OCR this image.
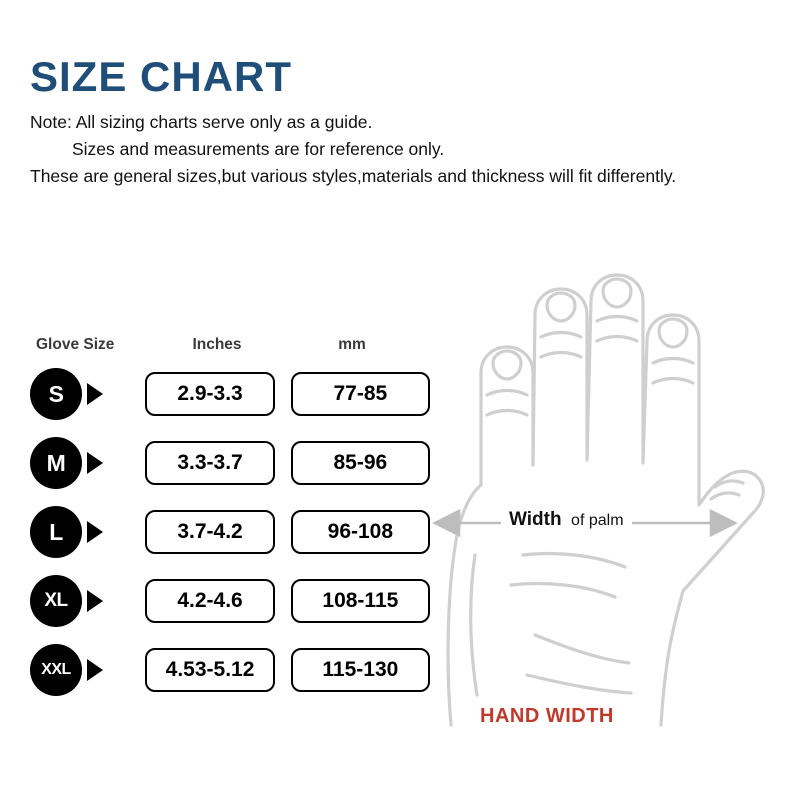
SIZE CHART
Note: All sizing charts serve only as a guide.
Sizes and measurements are for reference only.
These are general sizes,but various styles,materials and thickness will fit differently.
Glove Size	Inches	mm
S	2.9-3.3	77-85
M	3.3-3.7	85-96
L	3.7-4.2	96-108
XL	4.2-4.6	108-115
XXL	4.53-5.12	115-130
Width of palm
HAND WIDTH
